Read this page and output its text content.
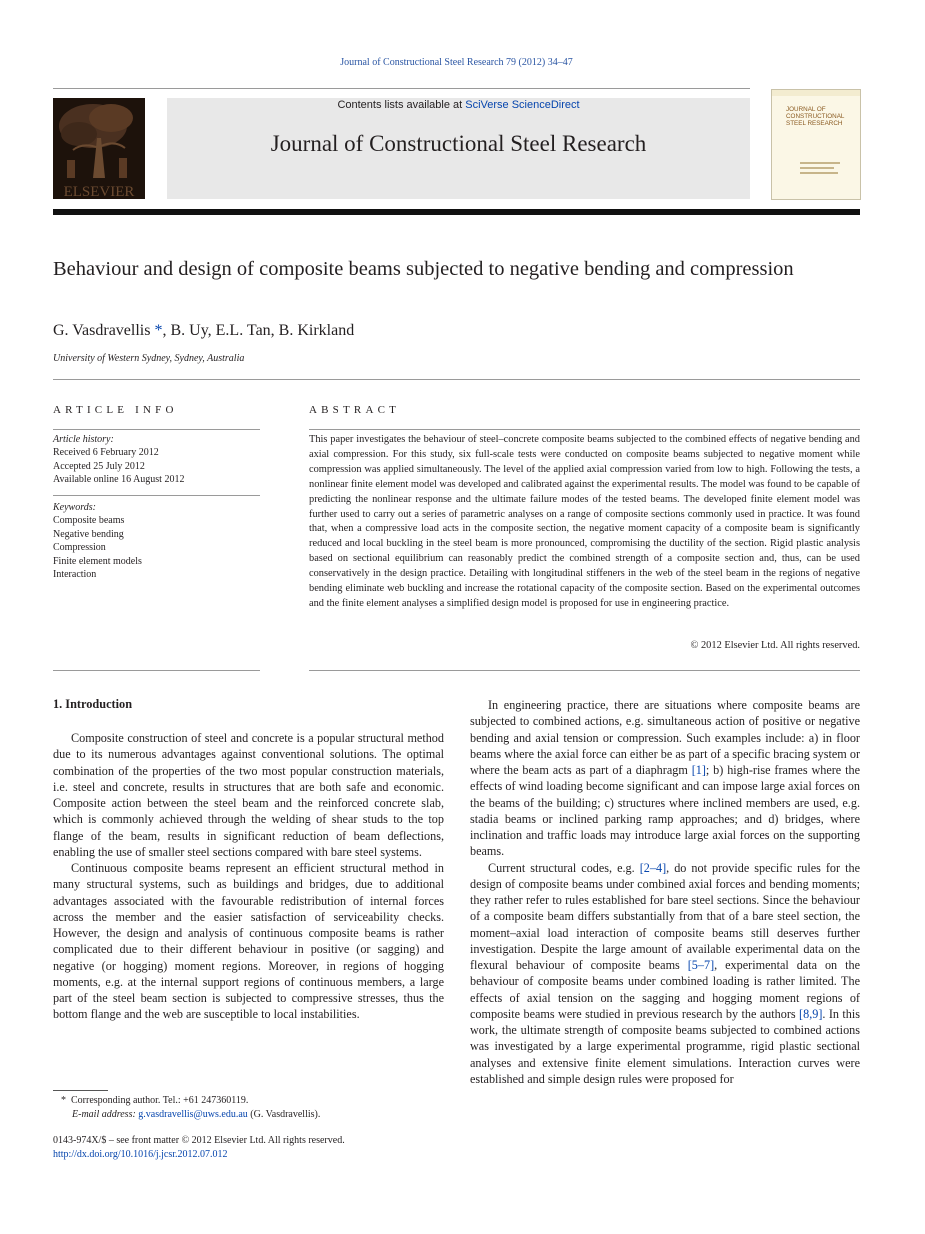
Journal of Constructional Steel Research 79 (2012) 34–47
ELSEVIER
Contents lists available at SciVerse ScienceDirect
Journal of Constructional Steel Research
JOURNAL OF
CONSTRUCTIONAL
STEEL RESEARCH
Behaviour and design of composite beams subjected to negative bending and compression
G. Vasdravellis *, B. Uy, E.L. Tan, B. Kirkland
University of Western Sydney, Sydney, Australia
ARTICLE INFO
Article history:
Received 6 February 2012
Accepted 25 July 2012
Available online 16 August 2012
Keywords:
Composite beams
Negative bending
Compression
Finite element models
Interaction
ABSTRACT
This paper investigates the behaviour of steel–concrete composite beams subjected to the combined effects of negative bending and axial compression. For this study, six full-scale tests were conducted on composite beams subjected to negative moment while compression was applied simultaneously. The level of the applied axial compression varied from low to high. Following the tests, a nonlinear finite element model was developed and calibrated against the experimental results. The model was found to be capable of predicting the nonlinear response and the ultimate failure modes of the tested beams. The developed finite element model was further used to carry out a series of parametric analyses on a range of composite sections commonly used in practice. It was found that, when a compressive load acts in the composite section, the negative moment capacity of a composite beam is significantly reduced and local buckling in the steel beam is more pronounced, compromising the ductility of the section. Rigid plastic analysis based on sectional equilibrium can reasonably predict the combined strength of a composite section and, thus, can be used conservatively in the design practice. Detailing with longitudinal stiffeners in the web of the steel beam in the regions of negative bending eliminate web buckling and increase the rotational capacity of the composite section. Based on the experimental outcomes and the finite element analyses a simplified design model is proposed for use in engineering practice.
© 2012 Elsevier Ltd. All rights reserved.
1. Introduction

Composite construction of steel and concrete is a popular structural method due to its numerous advantages against conventional solutions. The optimal combination of the properties of the two most popular construction materials, i.e. steel and concrete, results in structures that are both safe and economic. Composite action between the steel beam and the reinforced concrete slab, which is commonly achieved through the welding of shear studs to the top flange of the beam, results in significant reduction of beam deflections, enabling the use of smaller steel sections compared with bare steel systems.

Continuous composite beams represent an efficient structural method in many structural systems, such as buildings and bridges, due to additional advantages associated with the favourable redistribution of internal forces across the member and the easier satisfaction of serviceability checks. However, the design and analysis of continuous composite beams is rather complicated due to their different behaviour in positive (or sagging) and negative (or hogging) moment regions. Moreover, in regions of hogging moments, e.g. at the internal support regions of continuous members, a large part of the steel beam section is subjected to compressive stresses, thus the bottom flange and the web are susceptible to local instabilities.

In engineering practice, there are situations where composite beams are subjected to combined actions, e.g. simultaneous action of positive or negative bending and axial tension or compression. Such examples include: a) in floor beams where the axial force can either be as part of a specific bracing system or where the beam acts as part of a diaphragm [1]; b) high-rise frames where the effects of wind loading become significant and can impose large axial forces on the beams of the building; c) structures where inclined members are used, e.g. stadia beams or inclined parking ramp approaches; and d) bridges, where inclination and traffic loads may introduce large axial forces on the supporting beams.

Current structural codes, e.g. [2–4], do not provide specific rules for the design of composite beams under combined axial forces and bending moments; they rather refer to rules established for bare steel sections. Since the behaviour of a composite beam differs substantially from that of a bare steel section, the moment–axial load interaction of composite beams still deserves further investigation. Despite the large amount of available experimental data on the flexural behaviour of composite beams [5–7], experimental data on the behaviour of composite beams under combined loading is rather limited. The effects of axial tension on the sagging and hogging moment regions of composite beams were studied in previous research by the authors [8,9]. In this work, the ultimate strength of composite beams subjected to combined actions was investigated by a large experimental programme, rigid plastic sectional analyses and extensive finite element simulations. Interaction curves were established and simple design rules were proposed for

* Corresponding author. Tel.: +61 247360119.
E-mail address: g.vasdravellis@uws.edu.au (G. Vasdravellis).
0143-974X/$ – see front matter © 2012 Elsevier Ltd. All rights reserved.
http://dx.doi.org/10.1016/j.jcsr.2012.07.012
